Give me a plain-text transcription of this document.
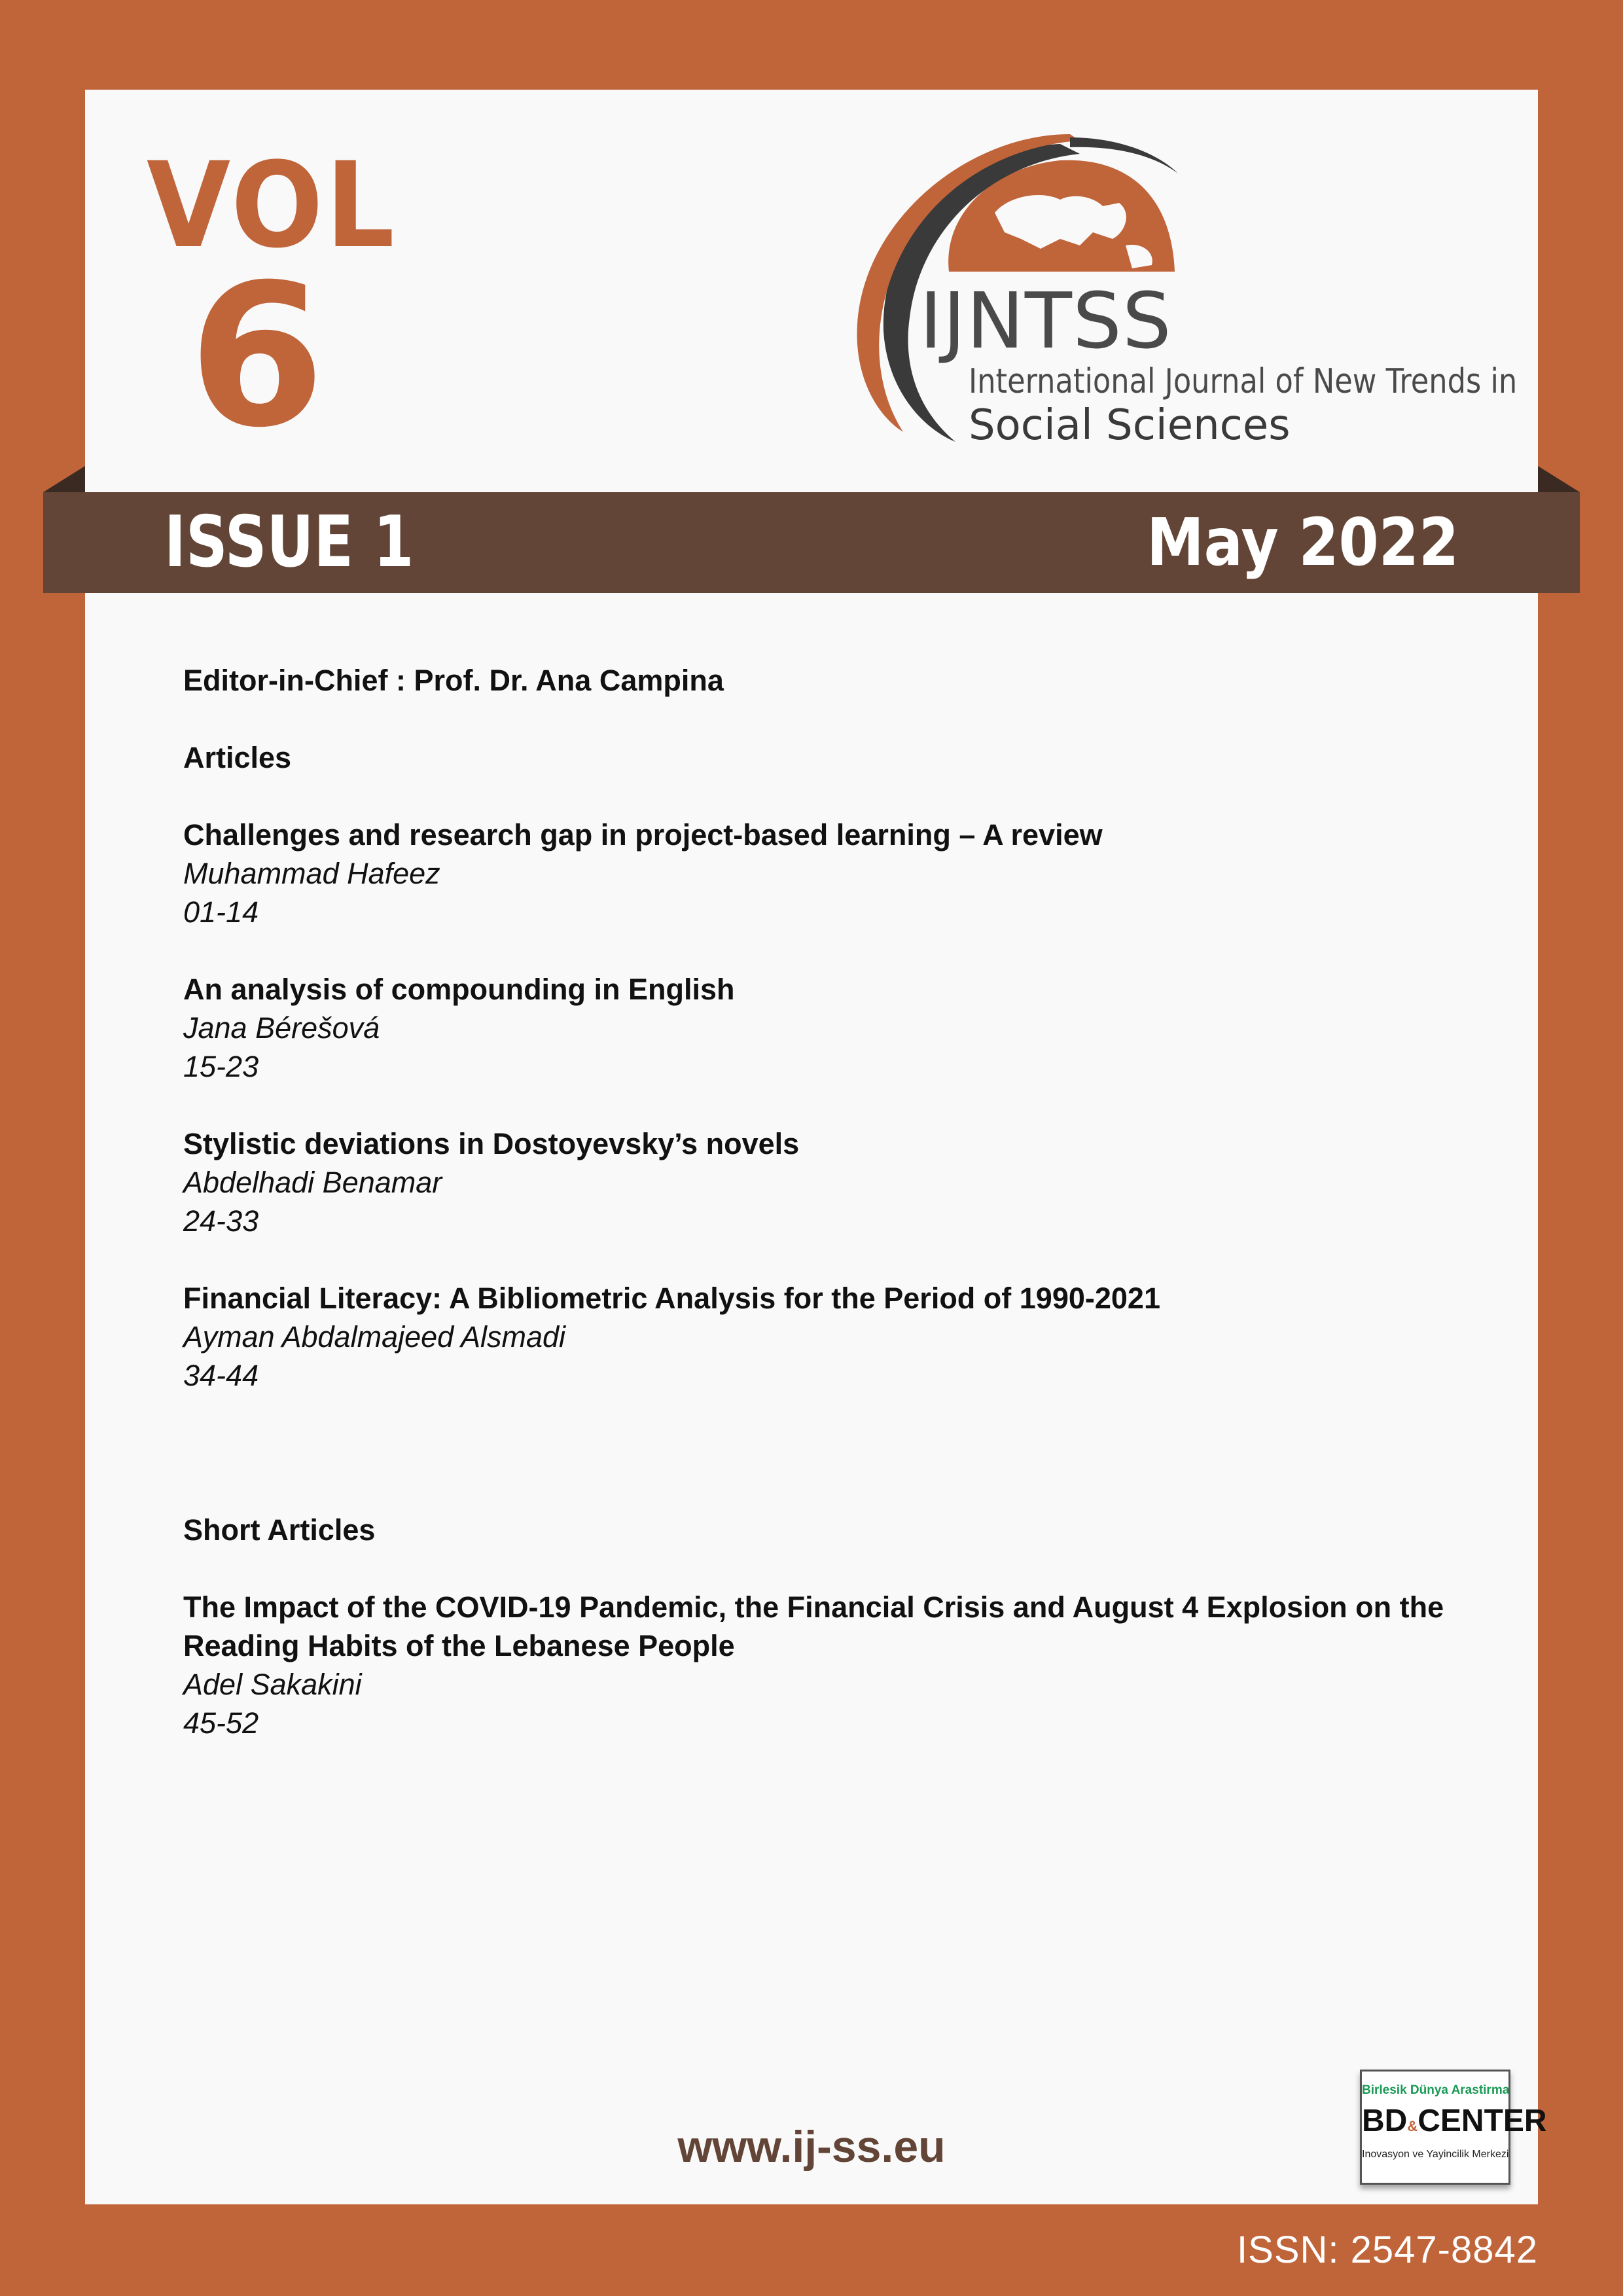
VOL
6	IJNTSS
International Journal of New Trends in
Social Sciences
ISSUE 1	May 2022
Editor-in-Chief : Prof. Dr. Ana Campina
Articles
Challenges and research gap in project-based learning – A review
Muhammad Hafeez
01-14
An analysis of compounding in English
Jana Bérešová
15-23
Stylistic deviations in Dostoyevsky’s novels
Abdelhadi Benamar
24-33
Financial Literacy: A Bibliometric Analysis for the Period of 1990-2021
Ayman Abdalmajeed Alsmadi
34-44
Short Articles
The Impact of the COVID-19 Pandemic, the Financial Crisis and August 4 Explosion on the Reading Habits of the Lebanese People
Adel Sakakini
45-52
www.ij-ss.eu
Birlesik Dünya Arastirma
BD&CENTER
Inovasyon ve Yayincilik Merkezi
ISSN: 2547-8842
